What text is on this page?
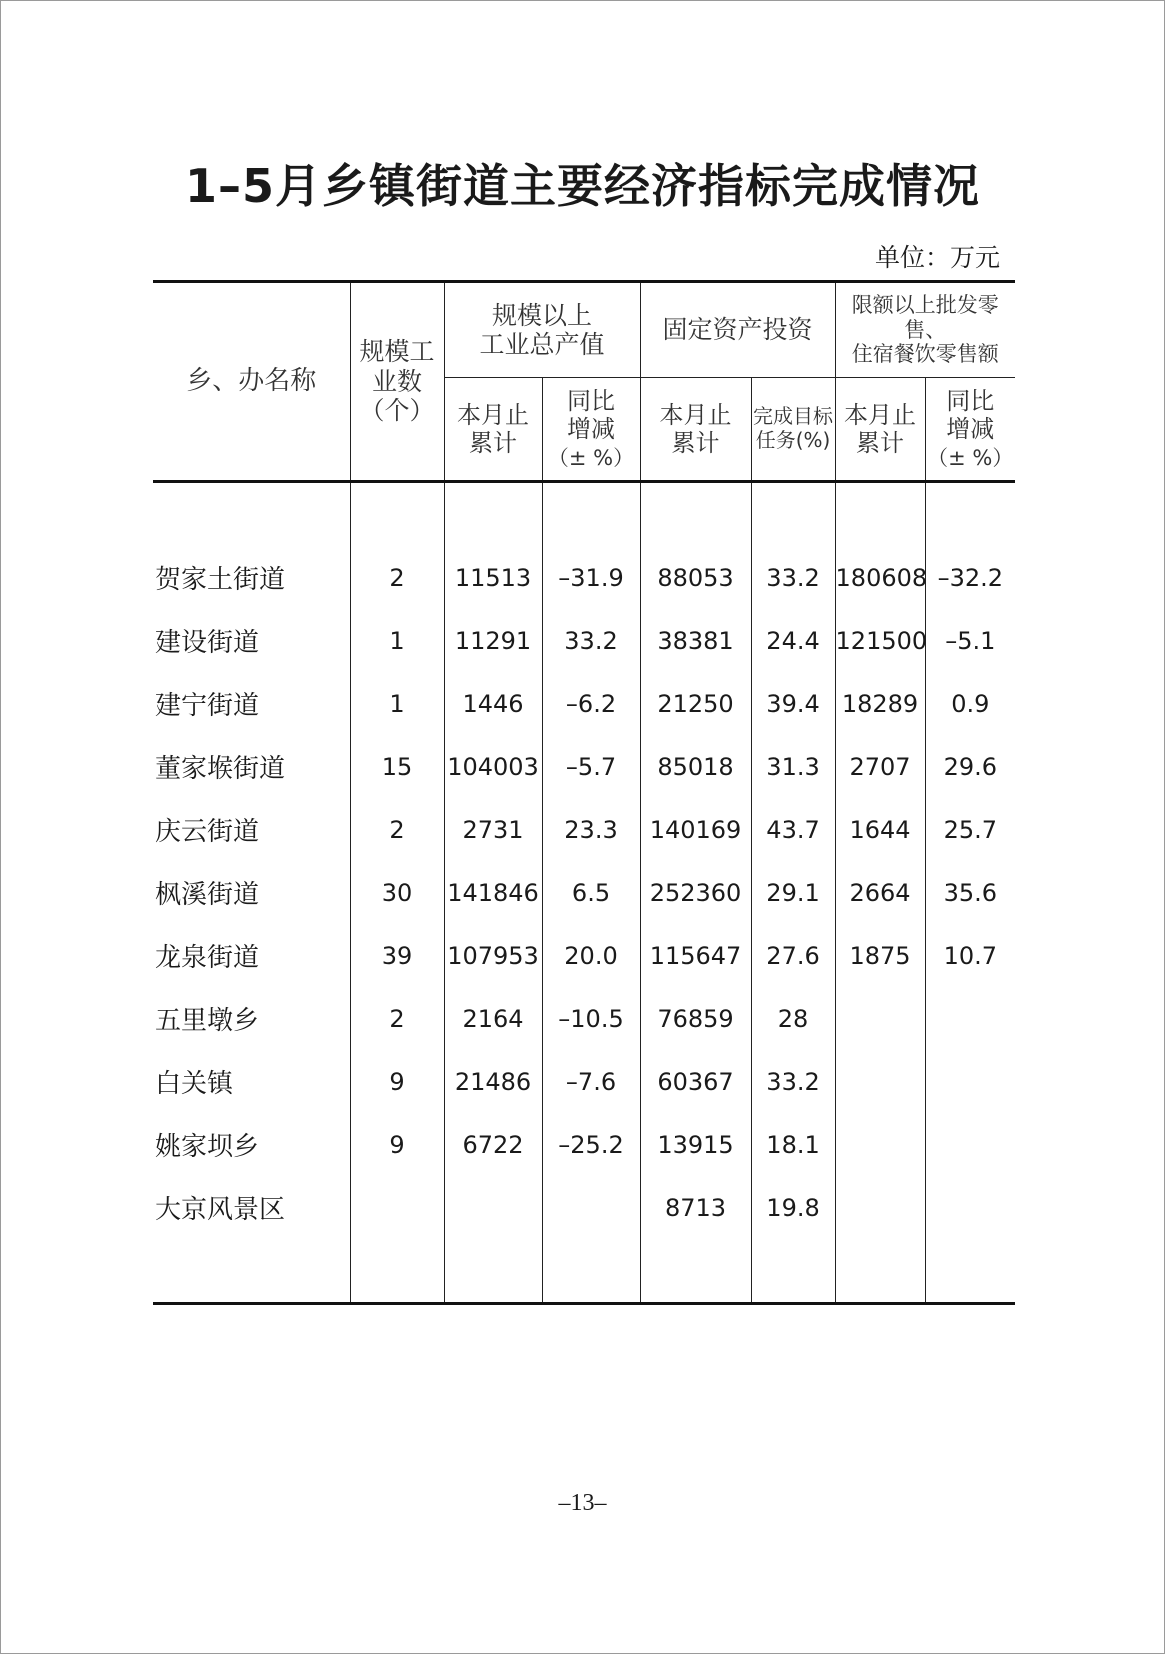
1–5月乡镇街道主要经济指标完成情况
单位：万元
乡、办名称	规模工
业数
（个）	规模以上
工业总产值		固定资产投资		限额以上批发零售、
住宿餐饮零售额	
		本月止
累计	同比
增减
（± %）	本月止
累计	完成目标
任务(%)	本月止
累计	同比
增减
（± %）

贺家土街道	2	11513	–31.9	88053	33.2	180608	–32.2
建设街道	1	11291	33.2	38381	24.4	121500	–5.1
建宁街道	1	1446	–6.2	21250	39.4	18289	0.9
董家堠街道	15	104003	–5.7	85018	31.3	2707	29.6
庆云街道	2	2731	23.3	140169	43.7	1644	25.7
枫溪街道	30	141846	6.5	252360	29.1	2664	35.6
龙泉街道	39	107953	20.0	115647	27.6	1875	10.7
五里墩乡	2	2164	–10.5	76859	28		
白关镇	9	21486	–7.6	60367	33.2		
姚家坝乡	9	6722	–25.2	13915	18.1		
大京风景区				8713	19.8		

–13–
